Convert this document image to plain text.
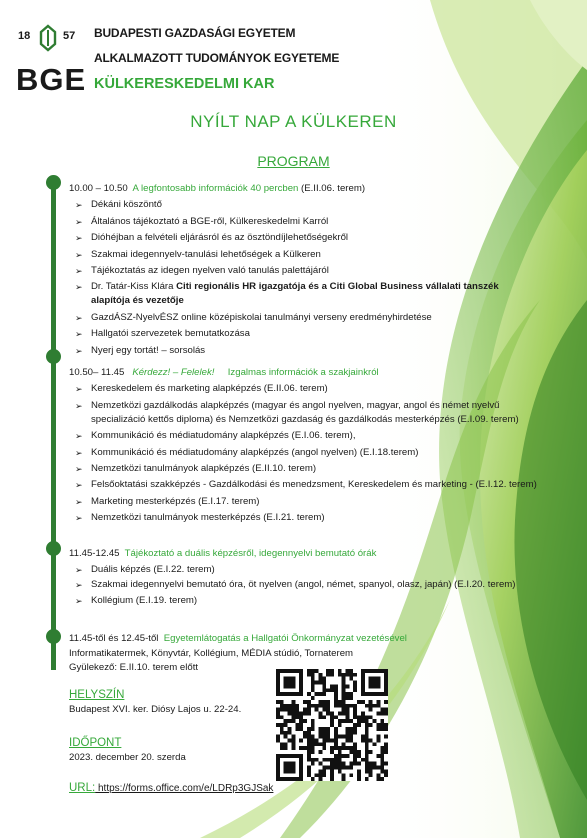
18	57
BGE
BUDAPESTI GAZDASÁGI EGYETEM
ALKALMAZOTT TUDOMÁNYOK EGYETEME
KÜLKERESKEDELMI KAR
NYÍLT NAP A KÜLKEREN
PROGRAM
10.00 – 10.50 A legfontosabb információk 40 percben (E.II.06. terem)
➢ Dékáni köszöntő
➢ Általános tájékoztató a BGE-ről, Külkereskedelmi Karról
➢ Dióhéjban a felvételi eljárásról és az ösztöndíjlehetőségekről
➢ Szakmai idegennyelv-tanulási lehetőségek a Külkeren
➢ Tájékoztatás az idegen nyelven való tanulás palettájáról
➢ Dr. Tatár-Kiss Klára Citi regionális HR igazgatója és a Citi Global Business vállalati tanszék alapítója és vezetője
➢ Gazd​ÁSZ-NyelvÉSZ online középiskolai tanulmányi verseny eredményhirdetése
➢ Hallgatói szervezetek bemutatkozása
➢ Nyerj egy tortát! – sorsolás
10.50– 11.45 Kérdezz! – Felelek! Izgalmas információk a szakjainkról
➢ Kereskedelem és marketing alapképzés (E.II.06. terem)
➢ Nemzetközi gazdálkodás alapképzés (magyar és angol nyelven, magyar, angol és német nyelvű specializáció kettős diploma) és Nemzetközi gazdaság és gazdálkodás mesterképzés (E.I.09. terem)
➢ Kommunikáció és médiatudomány alapképzés (E.I.06. terem),
➢ Kommunikáció és médiatudomány alapképzés (angol nyelven) (E.I.18.terem)
➢ Nemzetközi tanulmányok alapképzés (E.II.10. terem)
➢ Felsőoktatási szakképzés - Gazdálkodási és menedzsment, Kereskedelem és marketing - (E.I.12. terem)
➢ Marketing mesterképzés (E.I.17. terem)
➢ Nemzetközi tanulmányok mesterképzés (E.I.21. terem)
11.45-12.45 Tájékoztató a duális képzésről, idegennyelvi bemutató órák
➢ Duális képzés (E.I.22. terem)
➢ Szakmai idegennyelvi bemutató óra, öt nyelven (angol, német, spanyol, olasz, japán) (E.I.20. terem)
➢ Kollégium (E.I.19. terem)
11.45-től és 12.45-től Egyetemlátogatás a Hallgatói Önkormányzat vezetésével
Informatikatermek, Könyvtár, Kollégium, MÉDIA stúdió, Tornaterem
Gyülekező: E.II.10. terem előtt
HELYSZÍN
Budapest XVI. ker. Diósy Lajos u. 22-24.
IDŐPONT
2023. december 20. szerda
URL: https://forms.office.com/e/LDRp3GJSak
